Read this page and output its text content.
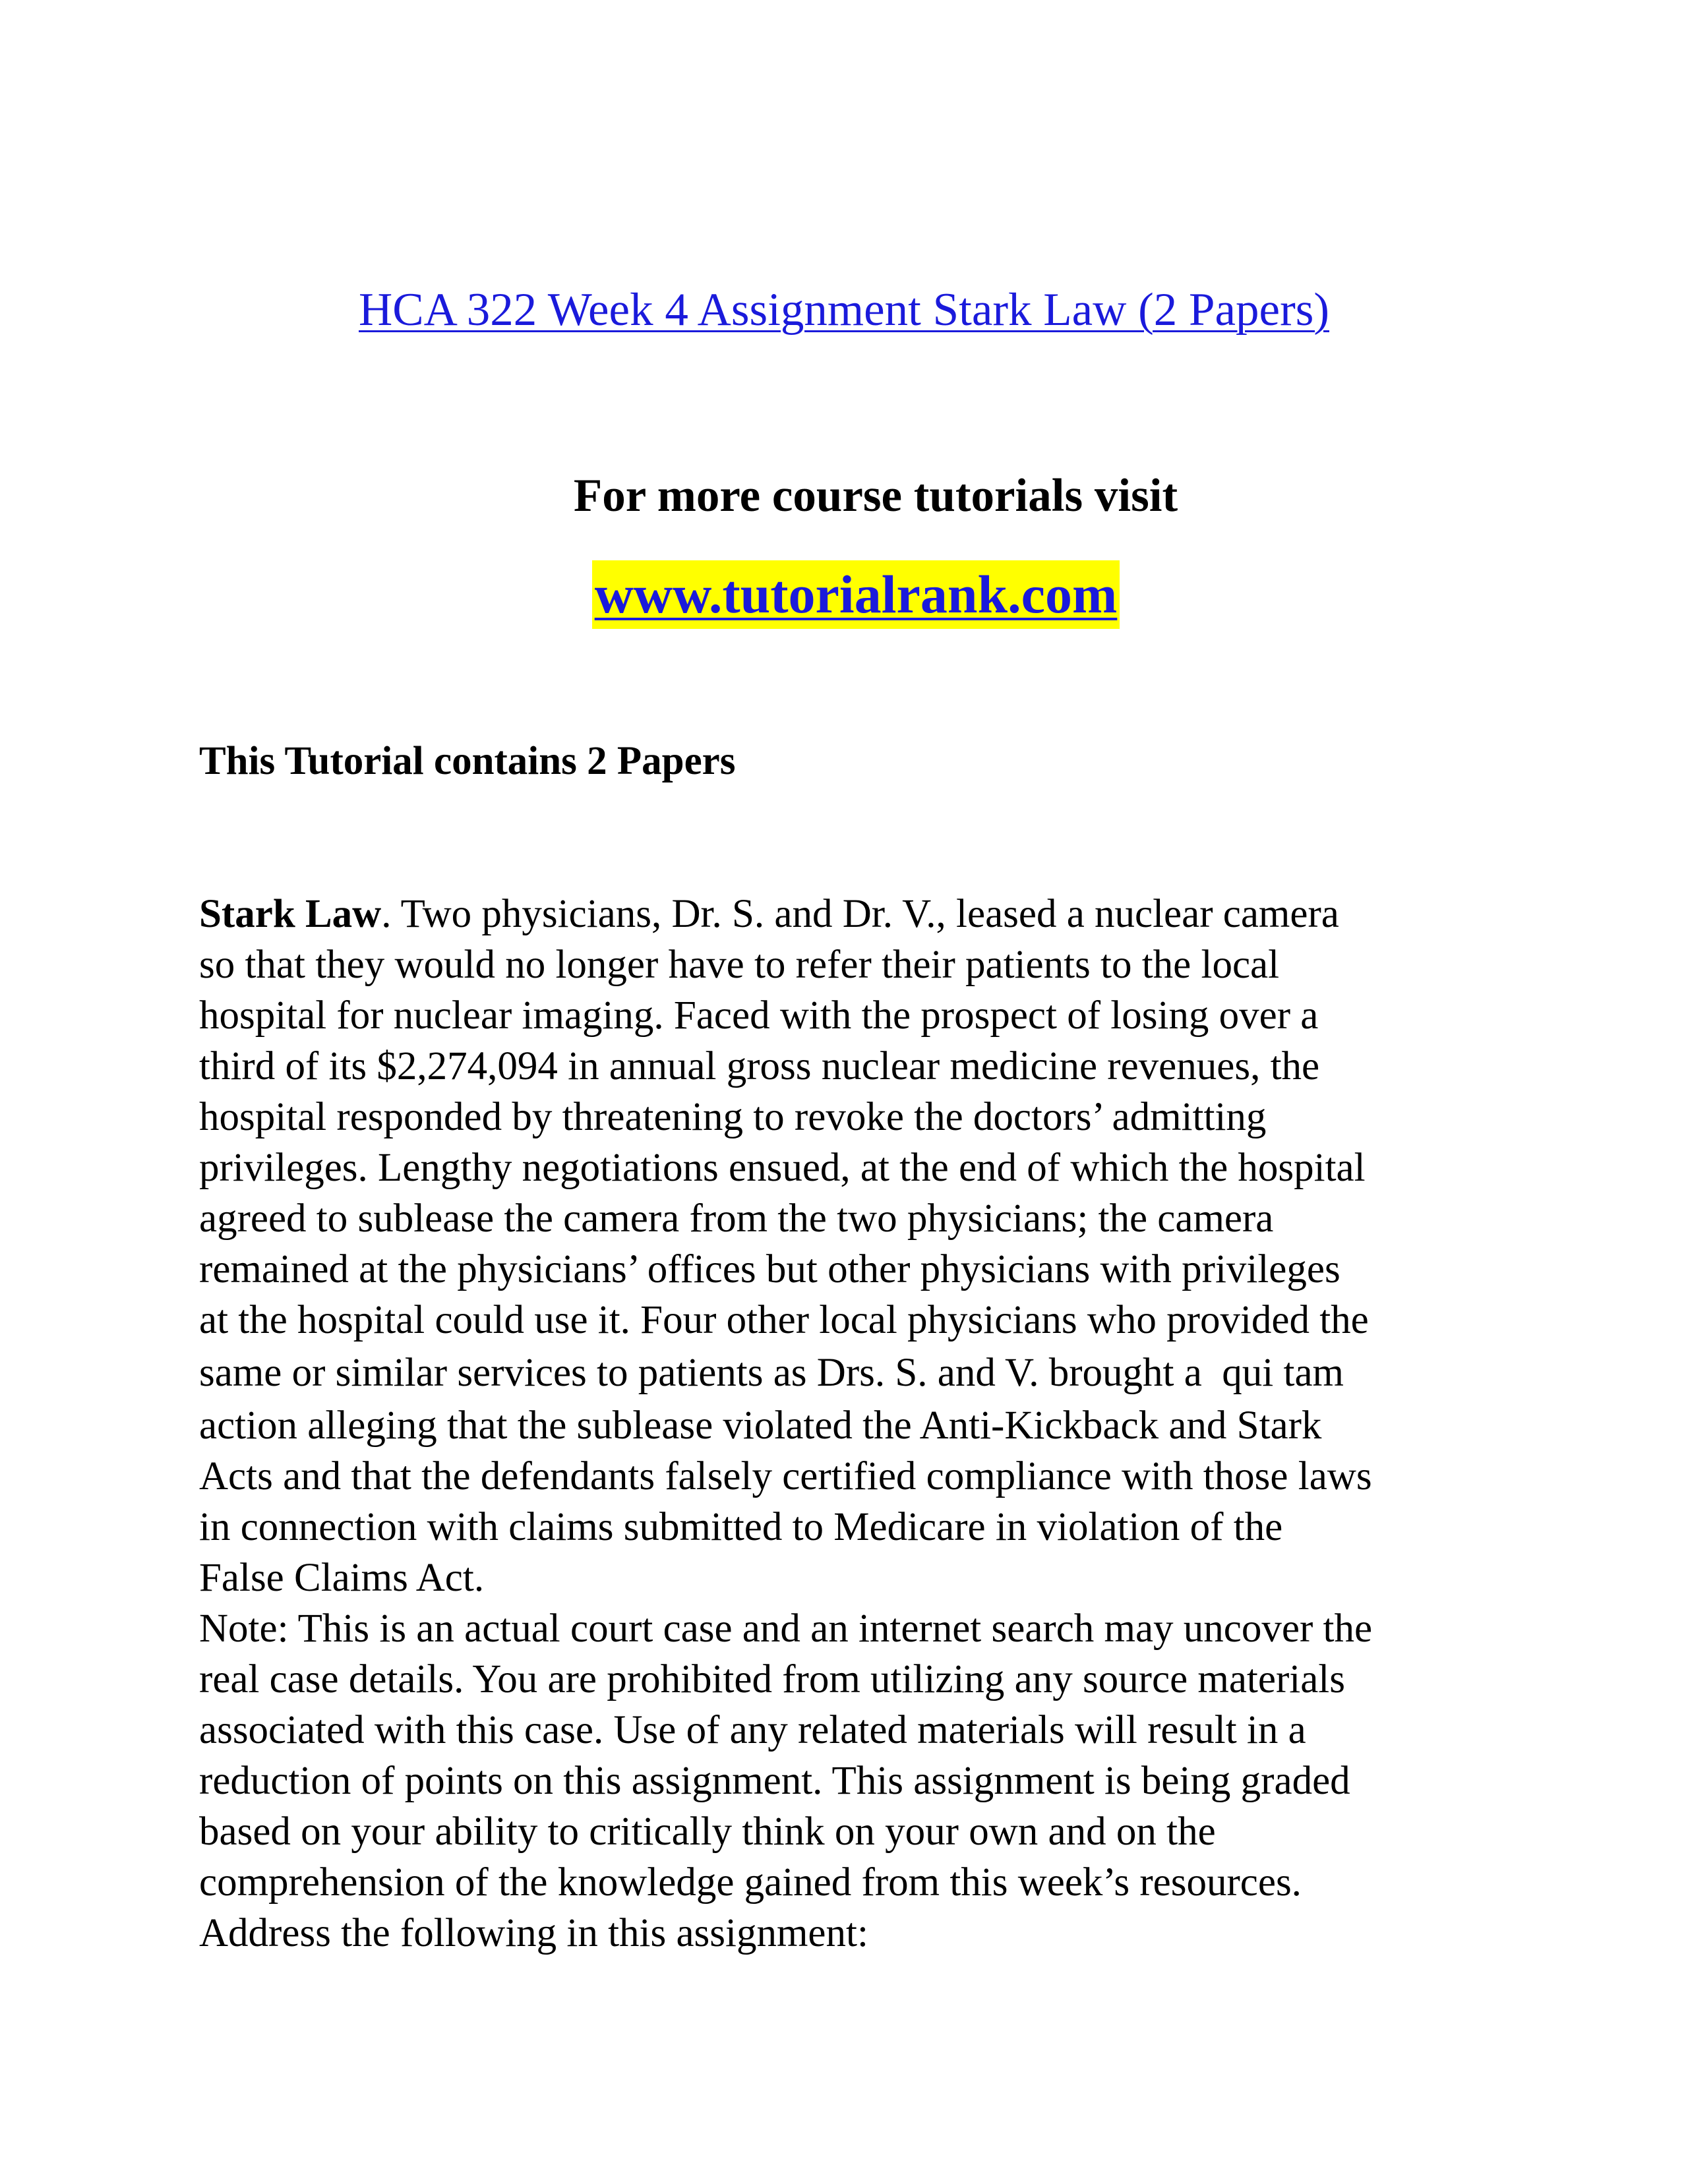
HCA 322 Week 4 Assignment Stark Law (2 Papers)
For more course tutorials visit
www.tutorialrank.com
This Tutorial contains 2 Papers
Stark Law. Two physicians, Dr. S. and Dr. V., leased a nuclear camera
so that they would no longer have to refer their patients to the local
hospital for nuclear imaging. Faced with the prospect of losing over a
third of its $2,274,094 in annual gross nuclear medicine revenues, the
hospital responded by threatening to revoke the doctors’ admitting
privileges. Lengthy negotiations ensued, at the end of which the hospital
agreed to sublease the camera from the two physicians; the camera
remained at the physicians’ offices but other physicians with privileges
at the hospital could use it. Four other local physicians who provided the
same or similar services to patients as Drs. S. and V. brought a  qui tam
action alleging that the sublease violated the Anti-Kickback and Stark
Acts and that the defendants falsely certified compliance with those laws
in connection with claims submitted to Medicare in violation of the
False Claims Act.
Note: This is an actual court case and an internet search may uncover the
real case details. You are prohibited from utilizing any source materials
associated with this case. Use of any related materials will result in a
reduction of points on this assignment. This assignment is being graded
based on your ability to critically think on your own and on the
comprehension of the knowledge gained from this week’s resources.
Address the following in this assignment:
